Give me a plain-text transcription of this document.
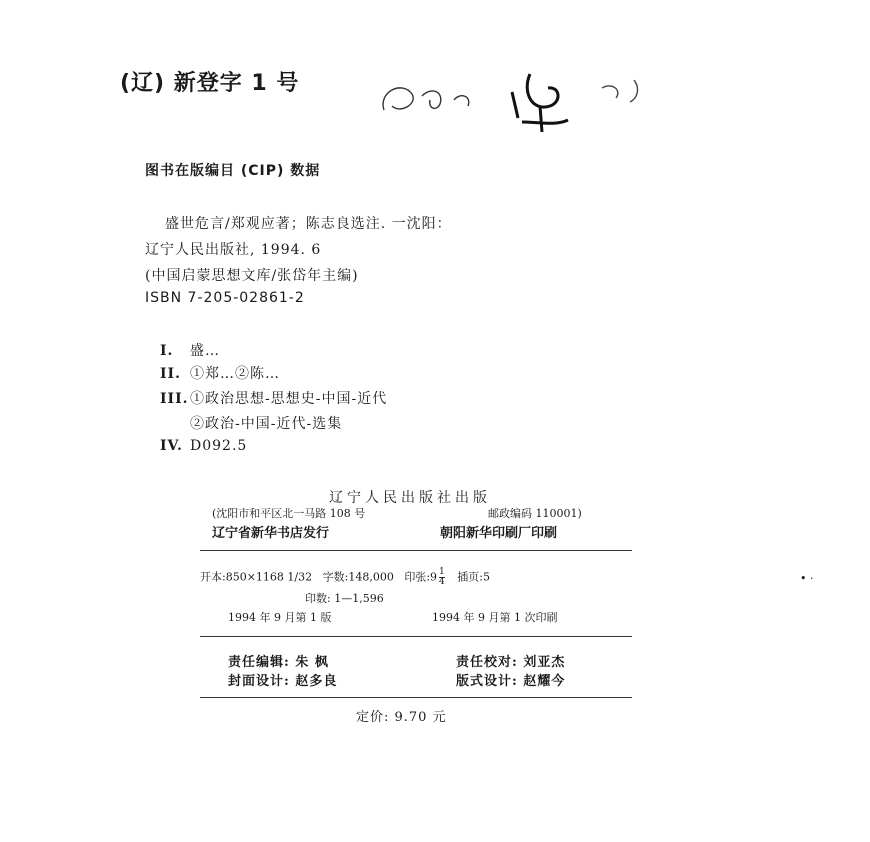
(辽) 新登字 1 号
图书在版编目 (CIP) 数据
盛世危言/郑观应著；陈志良选注. 一沈阳：
辽宁人民出版社, 1994. 6
(中国启蒙思想文库/张岱年主编)
ISBN 7-205-02861-2
I. 盛…
II. ①郑…②陈…
III.①政治思想-思想史-中国-近代
②政治-中国-近代-选集
IV. D092.5
辽宁人民出版社出版
(沈阳市和平区北一马路 108 号	邮政编码 110001)
辽宁省新华书店发行	朝阳新华印刷厂印刷
开本:850×1168 1/32 字数:148,000 印张:9 $\frac{1}{4}$ 插页:5
印数: 1—1,596
1994 年 9 月第 1 版	1994 年 9 月第 1 次印刷
责任编辑: 朱 枫	责任校对: 刘亚杰
封面设计: 赵多良	版式设计: 赵耀今
定价: 9.70 元
• ·
